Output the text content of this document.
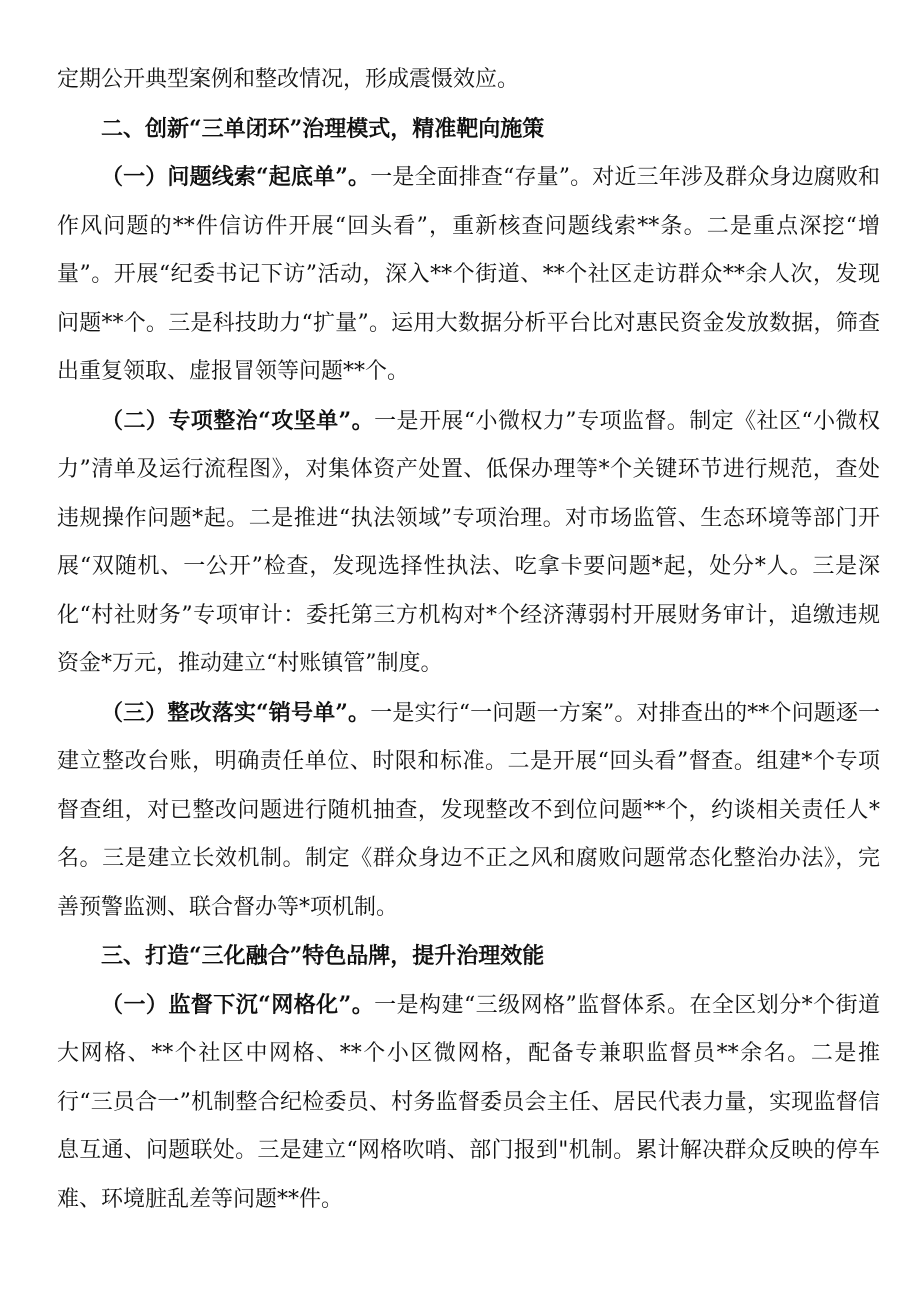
定期公开典型案例和整改情况，形成震慑效应。

二、创新“三单闭环”治理模式，精准靶向施策

（一）问题线索“起底单”。一是全面排查“存量”。对近三年涉及群众身边腐败和作风问题的**件信访件开展“回头看”，重新核查问题线索**条。二是重点深挖“增量”。开展“纪委书记下访”活动，深入**个街道、**个社区走访群众**余人次，发现问题**个。三是科技助力“扩量”。运用大数据分析平台比对惠民资金发放数据，筛查出重复领取、虚报冒领等问题**个。

（二）专项整治“攻坚单”。一是开展“小微权力”专项监督。制定《社区“小微权力”清单及运行流程图》，对集体资产处置、低保办理等*个关键环节进行规范，查处违规操作问题*起。二是推进“执法领域”专项治理。对市场监管、生态环境等部门开展“双随机、一公开”检查，发现选择性执法、吃拿卡要问题*起，处分*人。三是深化“村社财务”专项审计：委托第三方机构对*个经济薄弱村开展财务审计，追缴违规资金*万元，推动建立“村账镇管”制度。

（三）整改落实“销号单”。一是实行“一问题一方案”。对排查出的**个问题逐一建立整改台账，明确责任单位、时限和标准。二是开展“回头看”督查。组建*个专项督查组，对已整改问题进行随机抽查，发现整改不到位问题**个，约谈相关责任人*名。三是建立长效机制。制定《群众身边不正之风和腐败问题常态化整治办法》，完善预警监测、联合督办等*项机制。

三、打造“三化融合”特色品牌，提升治理效能

（一）监督下沉“网格化”。一是构建“三级网格”监督体系。在全区划分*个街道大网格、**个社区中网格、**个小区微网格，配备专兼职监督员**余名。二是推行“三员合一”机制整合纪检委员、村务监督委员会主任、居民代表力量，实现监督信息互通、问题联处。三是建立“网格吹哨、部门报到"机制。累计解决群众反映的停车难、环境脏乱差等问题**件。
